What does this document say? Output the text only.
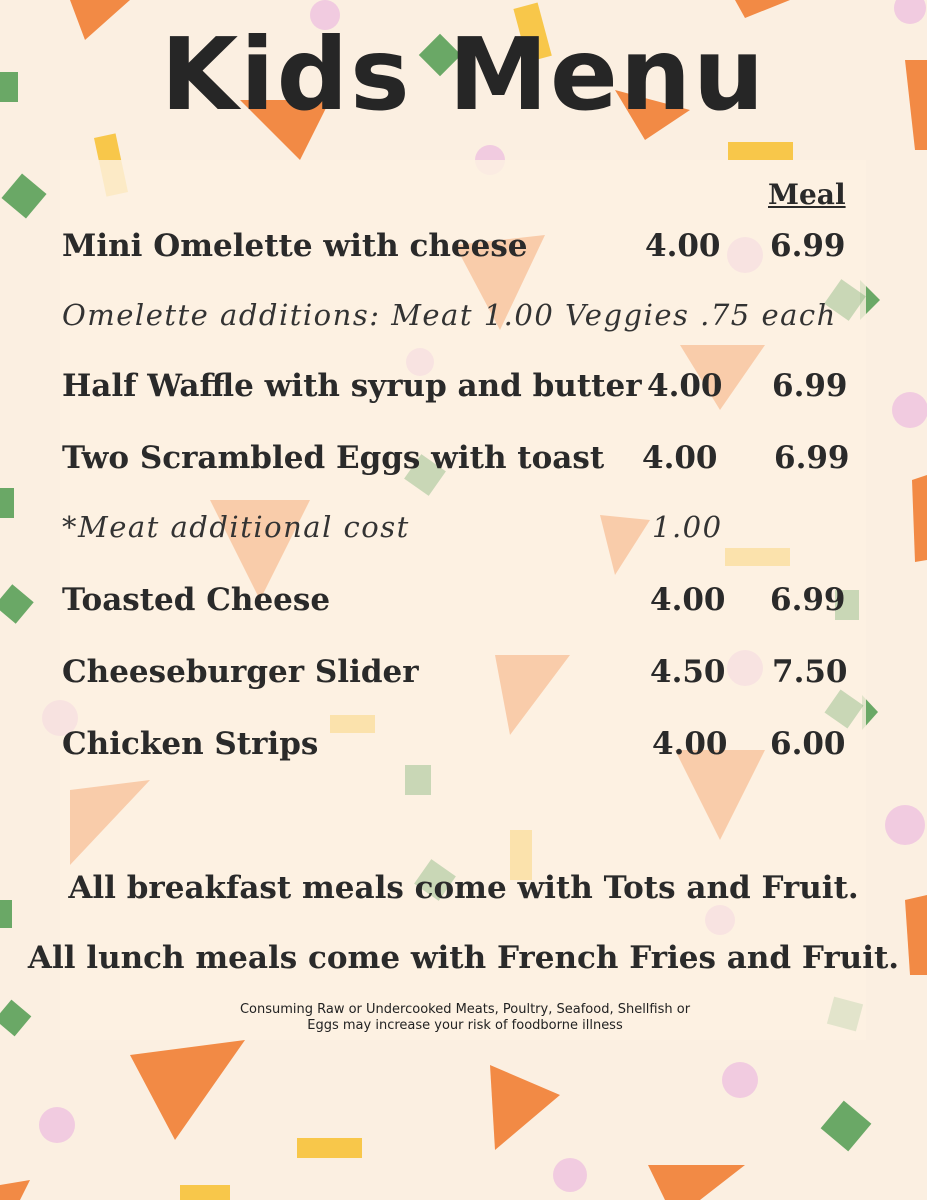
Kids Menu
Meal
Mini Omelette with cheese	4.00 6.99
Omelette additions: Meat 1.00 Veggies .75 each
Half Waffle with syrup and butter 4.00 6.99
Two Scrambled Eggs with toast 4.00 6.99
*Meat additional cost	1.00
Toasted Cheese	4.00 6.99
Cheeseburger Slider	4.50 7.50
Chicken Strips	4.00 6.00
All breakfast meals come with Tots and Fruit.
All lunch meals come with French Fries and Fruit.
Consuming Raw or Undercooked Meats, Poultry, Seafood, Shellfish or
Eggs may increase your risk of foodborne illness
